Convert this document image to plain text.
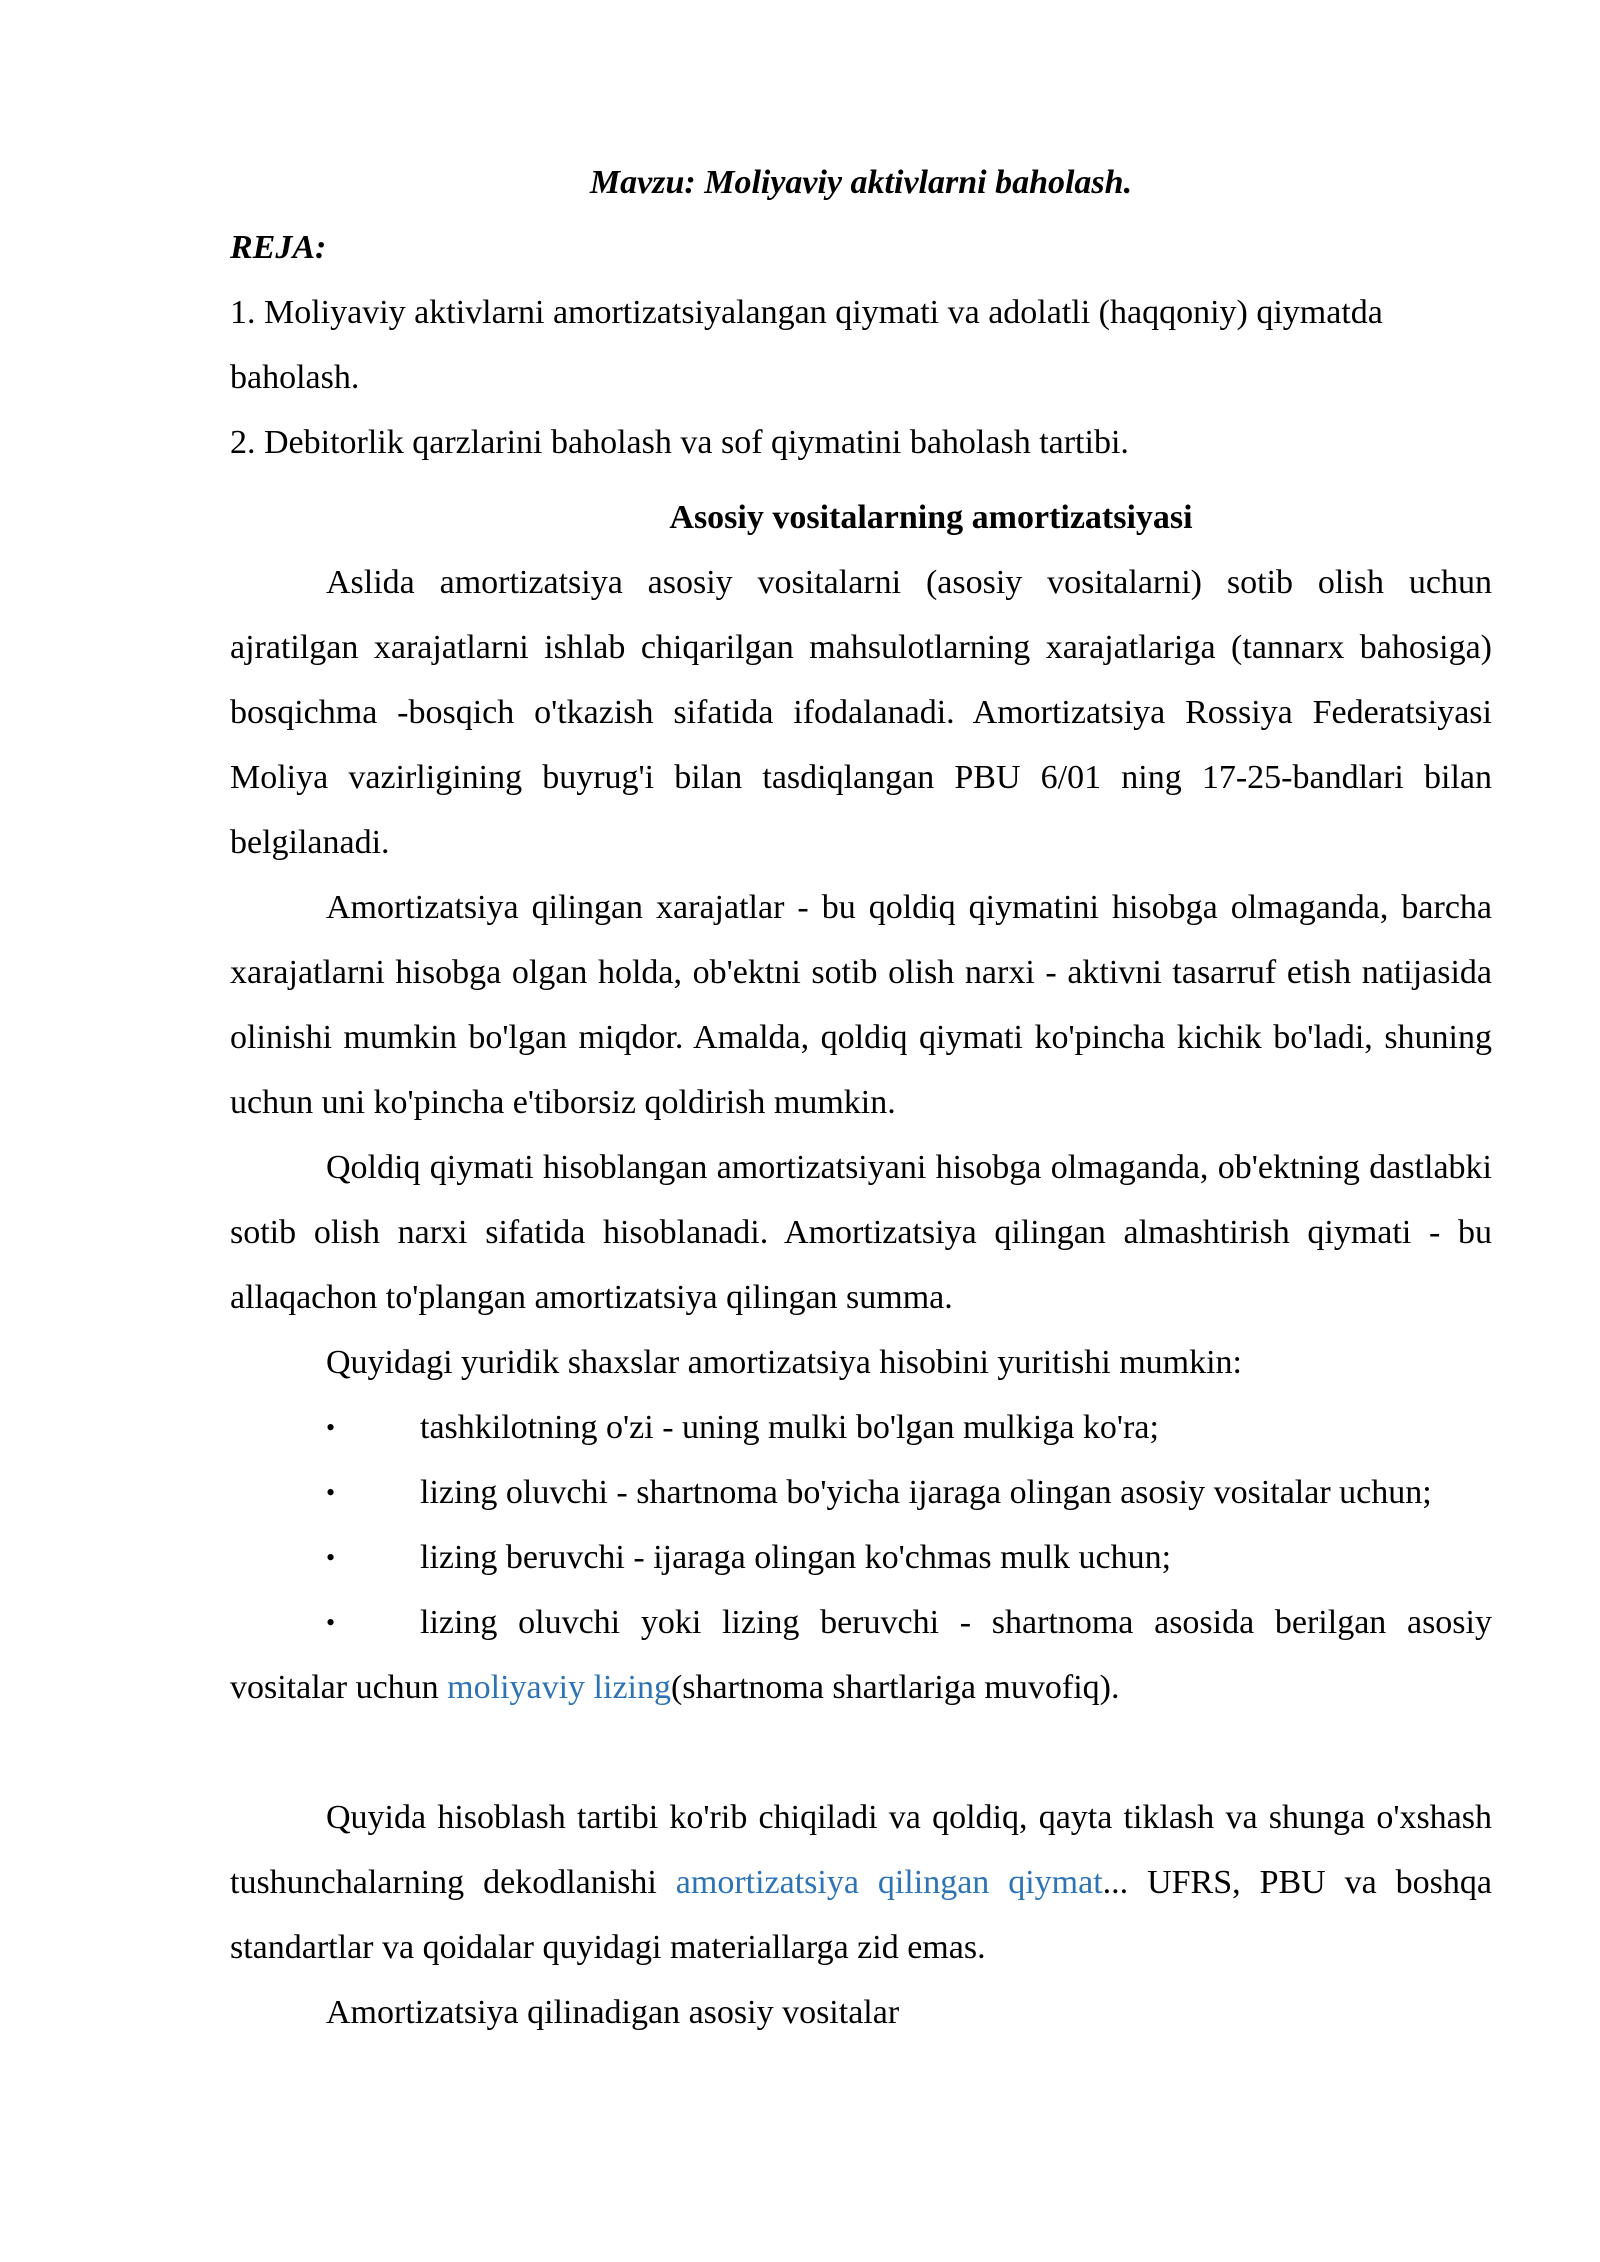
Mavzu: Moliyaviy aktivlarni baholash.

REJA:

1. Moliyaviy aktivlarni amortizatsiyalangan qiymati va adolatli (haqqoniy) qiymatda baholash.

2. Debitorlik qarzlarini baholash va sof qiymatini baholash tartibi.

Asosiy vositalarning amortizatsiyasi

Aslida amortizatsiya asosiy vositalarni (asosiy vositalarni) sotib olish uchun ajratilgan xarajatlarni ishlab chiqarilgan mahsulotlarning xarajatlariga (tannarx bahosiga) bosqichma -bosqich o'tkazish sifatida ifodalanadi. Amortizatsiya Rossiya Federatsiyasi Moliya vazirligining buyrug'i bilan tasdiqlangan PBU 6/01 ning 17-25-bandlari bilan belgilanadi.

Amortizatsiya qilingan xarajatlar - bu qoldiq qiymatini hisobga olmaganda, barcha xarajatlarni hisobga olgan holda, ob'ektni sotib olish narxi - aktivni tasarruf etish natijasida olinishi mumkin bo'lgan miqdor. Amalda, qoldiq qiymati ko'pincha kichik bo'ladi, shuning uchun uni ko'pincha e'tiborsiz qoldirish mumkin.

Qoldiq qiymati hisoblangan amortizatsiyani hisobga olmaganda, ob'ektning dastlabki sotib olish narxi sifatida hisoblanadi. Amortizatsiya qilingan almashtirish qiymati - bu allaqachon to'plangan amortizatsiya qilingan summa.

Quyidagi yuridik shaxslar amortizatsiya hisobini yuritishi mumkin:

• tashkilotning o'zi - uning mulki bo'lgan mulkiga ko'ra;

• lizing oluvchi - shartnoma bo'yicha ijaraga olingan asosiy vositalar uchun;

• lizing beruvchi - ijaraga olingan ko'chmas mulk uchun;

• lizing oluvchi yoki lizing beruvchi - shartnoma asosida berilgan asosiy vositalar uchun moliyaviy lizing(shartnoma shartlariga muvofiq).

Quyida hisoblash tartibi ko'rib chiqiladi va qoldiq, qayta tiklash va shunga o'xshash tushunchalarning dekodlanishi amortizatsiya qilingan qiymat... UFRS, PBU va boshqa standartlar va qoidalar quyidagi materiallarga zid emas.

Amortizatsiya qilinadigan asosiy vositalar
